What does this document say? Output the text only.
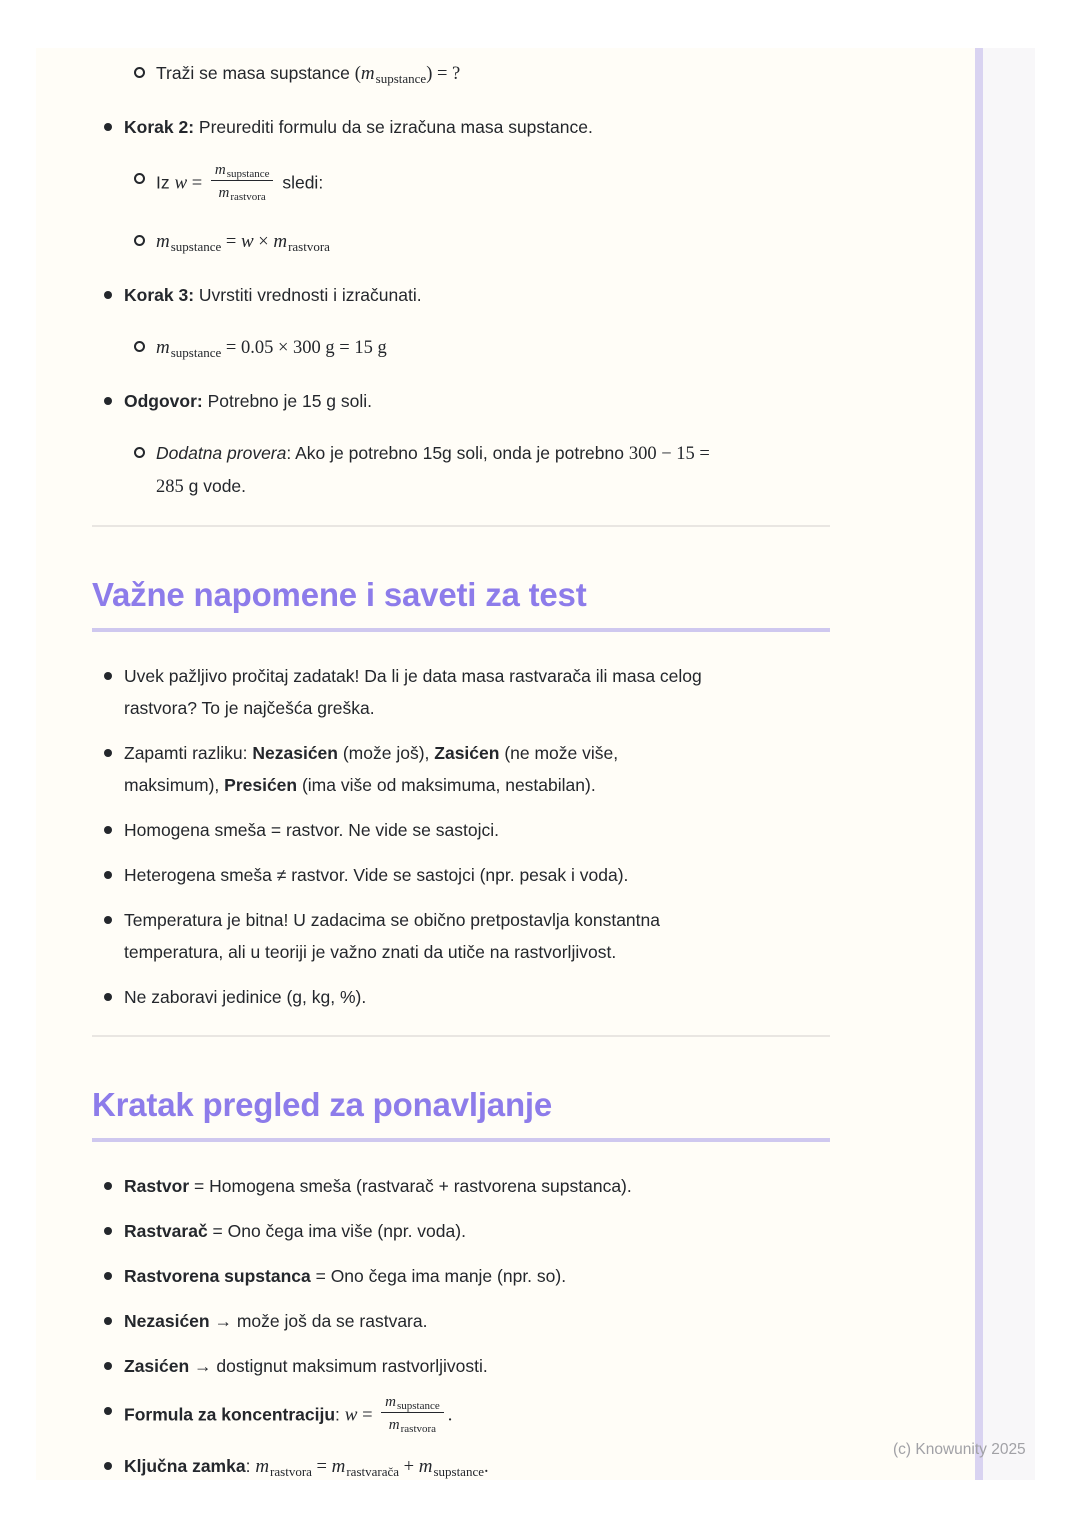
Traži se masa supstance $(m_{supstance})$ = ?
Korak 2: Preurediti formulu da se izračuna masa supstance.
Iz $w = \frac{\text{msupstance}}{\text{mrastvora}}$ sledi:
$m_{supstance} = w \times m_{rastvora}$
Korak 3: Uvrstiti vrednosti i izračunati.
$m_{supstance} = 0.05 \times 300$ g = 15 g
Odgovor: Potrebno je 15 g soli.
Dodatna provera: Ako je potrebno 15g soli, onda je potrebno 300 − 15 =
285 g vode.
Važne napomene i saveti za test
Uvek pažljivo pročitaj zadatak! Da li je data masa rastvarača ili masa celog
rastvora? To je najčešća greška.
Zapamti razliku: Nezasićen (može još), Zasićen (ne može više,
maksimum), Presićen (ima više od maksimuma, nestabilan).
Homogena smeša = rastvor. Ne vide se sastojci.
Heterogena smeša ≠ rastvor. Vide se sastojci (npr. pesak i voda).
Temperatura je bitna! U zadacima se obično pretpostavlja konstantna
temperatura, ali u teoriji je važno znati da utiče na rastvorljivost.
Ne zaboravi jedinice (g, kg, %).
Kratak pregled za ponavljanje
Rastvor = Homogena smeša (rastvarač + rastvorena supstanca).
Rastvarač = Ono čega ima više (npr. voda).
Rastvorena supstanca = Ono čega ima manje (npr. so).
Nezasićen → može još da se rastvara.
Zasićen → dostignut maksimum rastvorljivosti.
Formula za koncentraciju: $w = \frac{\text{msupstance}}{\text{mrastvora}}$ .
Ključna zamka: $m_{rastvora} = m_{rastvarača} + m_{supstance}$.
(c) Knowunity 2025
